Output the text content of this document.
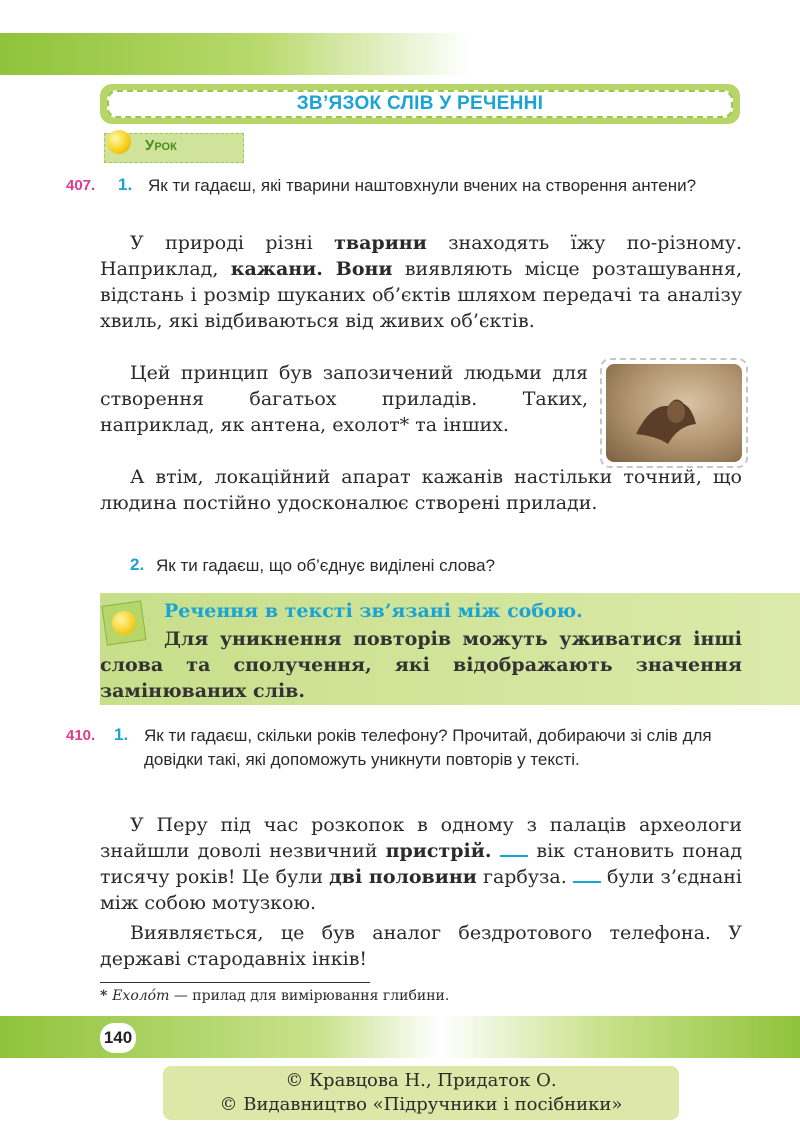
ЗВ’ЯЗОК СЛІВ У РЕЧЕННІ
Урок
407. 1. Як ти гадаєш, які тварини наштовхнули вчених на створення антени?
У природі різні тварини знаходять їжу по-різному. Наприклад, кажани. Вони виявляють місце розташування, відстань і розмір шуканих об’єктів шляхом передачі та аналізу хвиль, які відбиваються від живих об’єктів.
Цей принцип був запозичений людьми для створення багатьох приладів. Таких, наприклад, як антена, ехолот* та інших.
А втім, локаційний апарат кажанів настільки точний, що людина постійно удосконалює створені прилади.
2. Як ти гадаєш, що об’єднує виділені слова?
Речення в тексті зв’язані між собою.
Для уникнення повторів можуть уживатися інші слова та сполучення, які відображають значення замінюваних слів.
410. 1. Як ти гадаєш, скільки років телефону? Прочитай, добираючи зі слів для довідки такі, які допоможуть уникнути повторів у тексті.
У Перу під час розкопок в одному з палаців археологи знайшли доволі незвичний пристрій.  вік становить понад тисячу років! Це були дві половини гарбуза.  були з’єднані між собою мотузкою.
Виявляється, це був аналог бездротового телефона. У державі стародавніх інків!
* Ехолóт — прилад для вимірювання глибини.
140
© Кравцова Н., Придаток О.
© Видавництво «Підручники і посібники»
